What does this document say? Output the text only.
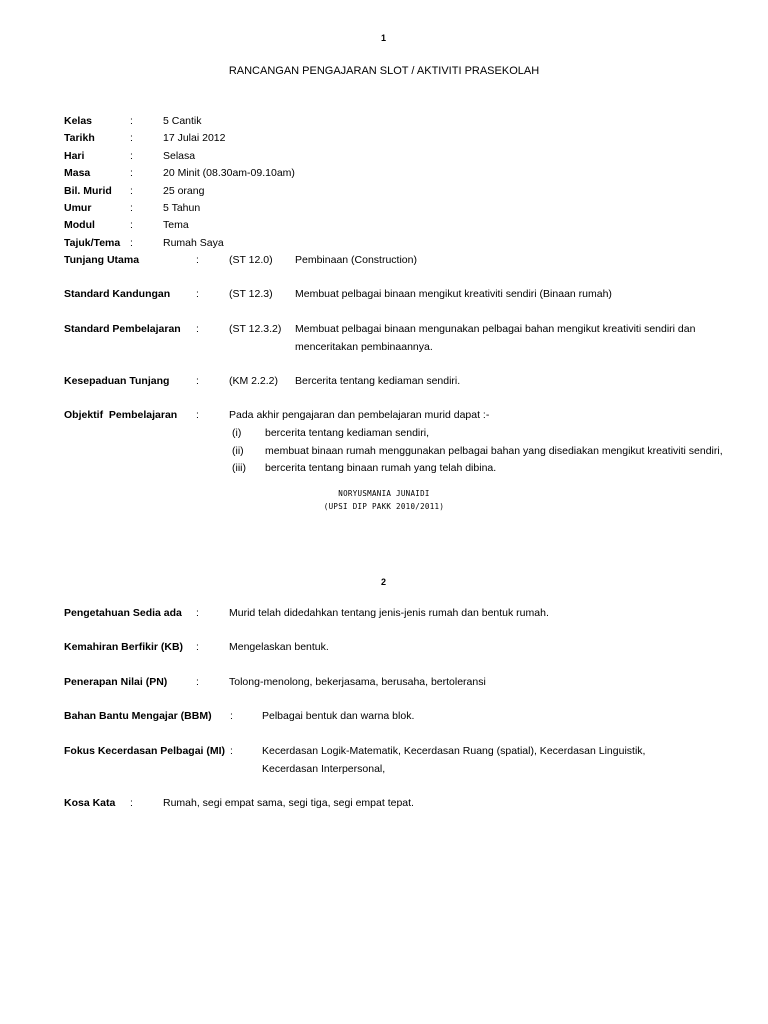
1
RANCANGAN PENGAJARAN SLOT / AKTIVITI PRASEKOLAH
Kelas	:	5 Cantik
Tarikh	:	17 Julai 2012
Hari	:	Selasa
Masa	:	20 Minit (08.30am-09.10am)
Bil. Murid :	25 orang
Umur	:	5 Tahun
Modul	:	Tema
Tajuk/Tema :	Rumah Saya
Tunjang Utama	:	(ST 12.0) Pembinaan (Construction)
Standard Kandungan :	(ST 12.3) Membuat pelbagai binaan mengikut kreativiti sendiri (Binaan rumah)
Standard Pembelajaran :	(ST 12.3.2) Membuat pelbagai binaan mengunakan pelbagai bahan mengikut kreativiti sendiri dan
menceritakan pembinaannya.
Kesepaduan Tunjang	:	(KM 2.2.2) Bercerita tentang kediaman sendiri.
Objektif  Pembelajaran :	Pada akhir pengajaran dan pembelajaran murid dapat :-
(i) bercerita tentang kediaman sendiri,
(ii) membuat binaan rumah menggunakan pelbagai bahan yang disediakan mengikut kreativiti sendiri,
(iii) bercerita tentang binaan rumah yang telah dibina.
NORYUSMANIA JUNAIDI
(UPSI DIP PAKK 2010/2011)
2
Pengetahuan Sedia ada :	Murid telah didedahkan tentang jenis-jenis rumah dan bentuk rumah.
Kemahiran Berfikir (KB) :	Mengelaskan bentuk.
Penerapan Nilai (PN)	:	Tolong-menolong, bekerjasama, berusaha, bertoleransi
Bahan Bantu Mengajar (BBM) :	Pelbagai bentuk dan warna blok.
Fokus Kecerdasan Pelbagai (MI) :	Kecerdasan Logik-Matematik, Kecerdasan Ruang (spatial), Kecerdasan Linguistik,
Kecerdasan Interpersonal,
Kosa Kata :	Rumah, segi empat sama, segi tiga, segi empat tepat.
